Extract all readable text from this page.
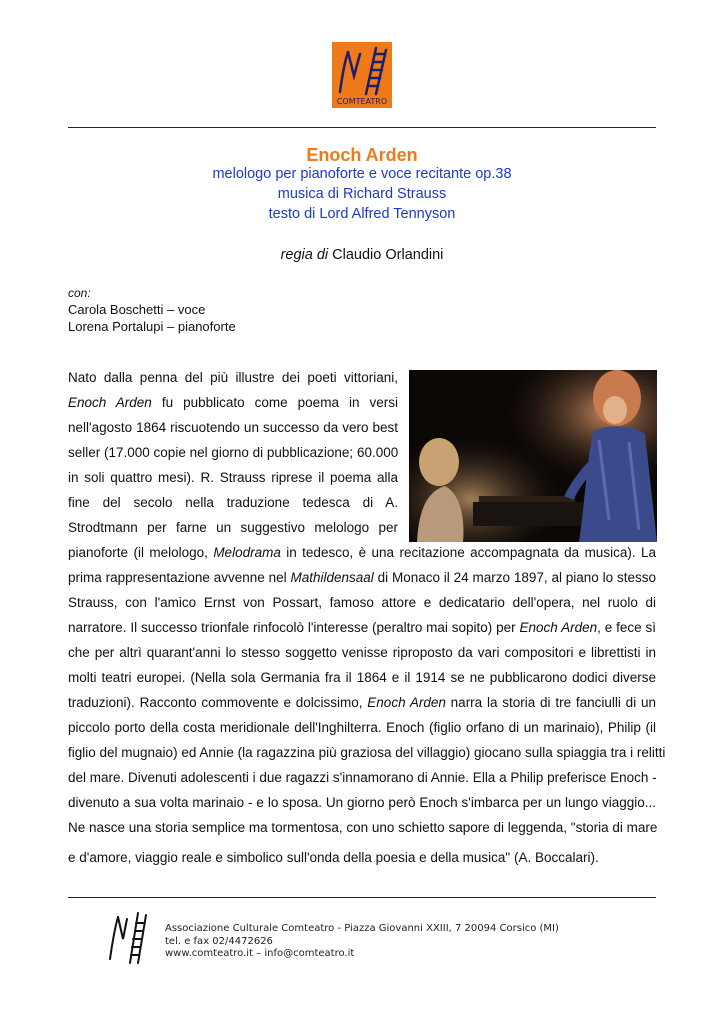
COMTEATRO
Enoch Arden
melologo per pianoforte e voce recitante op.38
musica di Richard Strauss
testo di Lord Alfred Tennyson
regia di Claudio Orlandini
con:
Carola Boschetti – voce
Lorena Portalupi – pianoforte
Nato dalla penna del più illustre dei poeti vittoriani,
Enoch Arden fu pubblicato come poema in versi
nell'agosto 1864 riscuotendo un successo da vero best
seller (17.000 copie nel giorno di pubblicazione; 60.000
in soli quattro mesi). R. Strauss riprese il poema alla
fine del secolo nella traduzione tedesca di A.
Strodtmann per farne un suggestivo melologo per
pianoforte (il melologo, Melodrama in tedesco, è una recitazione accompagnata da musica). La
prima rappresentazione avvenne nel Mathildensaal di Monaco il 24 marzo 1897, al piano lo stesso
Strauss, con l'amico Ernst von Possart, famoso attore e dedicatario dell'opera, nel ruolo di
narratore. Il successo trionfale rinfocolò l'interesse (peraltro mai sopito) per Enoch Arden, e fece sì
che per altrì quarant'anni lo stesso soggetto venisse riproposto da vari compositori e librettisti in
molti teatri europei. (Nella sola Germania fra il 1864 e il 1914 se ne pubblicarono dodici diverse
traduzioni). Racconto commovente e dolcissimo, Enoch Arden narra la storia di tre fanciulli di un
piccolo porto della costa meridionale dell'Inghilterra. Enoch (figlio orfano di un marinaio), Philip (il
figlio del mugnaio) ed Annie (la ragazzina più graziosa del villaggio) giocano sulla spiaggia tra i relitti
del mare. Divenuti adolescenti i due ragazzi s'innamorano di Annie. Ella a Philip preferisce Enoch -
divenuto a sua volta marinaio - e lo sposa. Un giorno però Enoch s'imbarca per un lungo viaggio...
Ne nasce una storia semplice ma tormentosa, con uno schietto sapore di leggenda, "storia di mare
e d'amore, viaggio reale e simbolico sull'onda della poesia e della musica" (A. Boccalari).
Associazione Culturale Comteatro - Piazza Giovanni XXIII, 7 20094 Corsico (MI)
tel. e fax 02/4472626
www.comteatro.it – info@comteatro.it
